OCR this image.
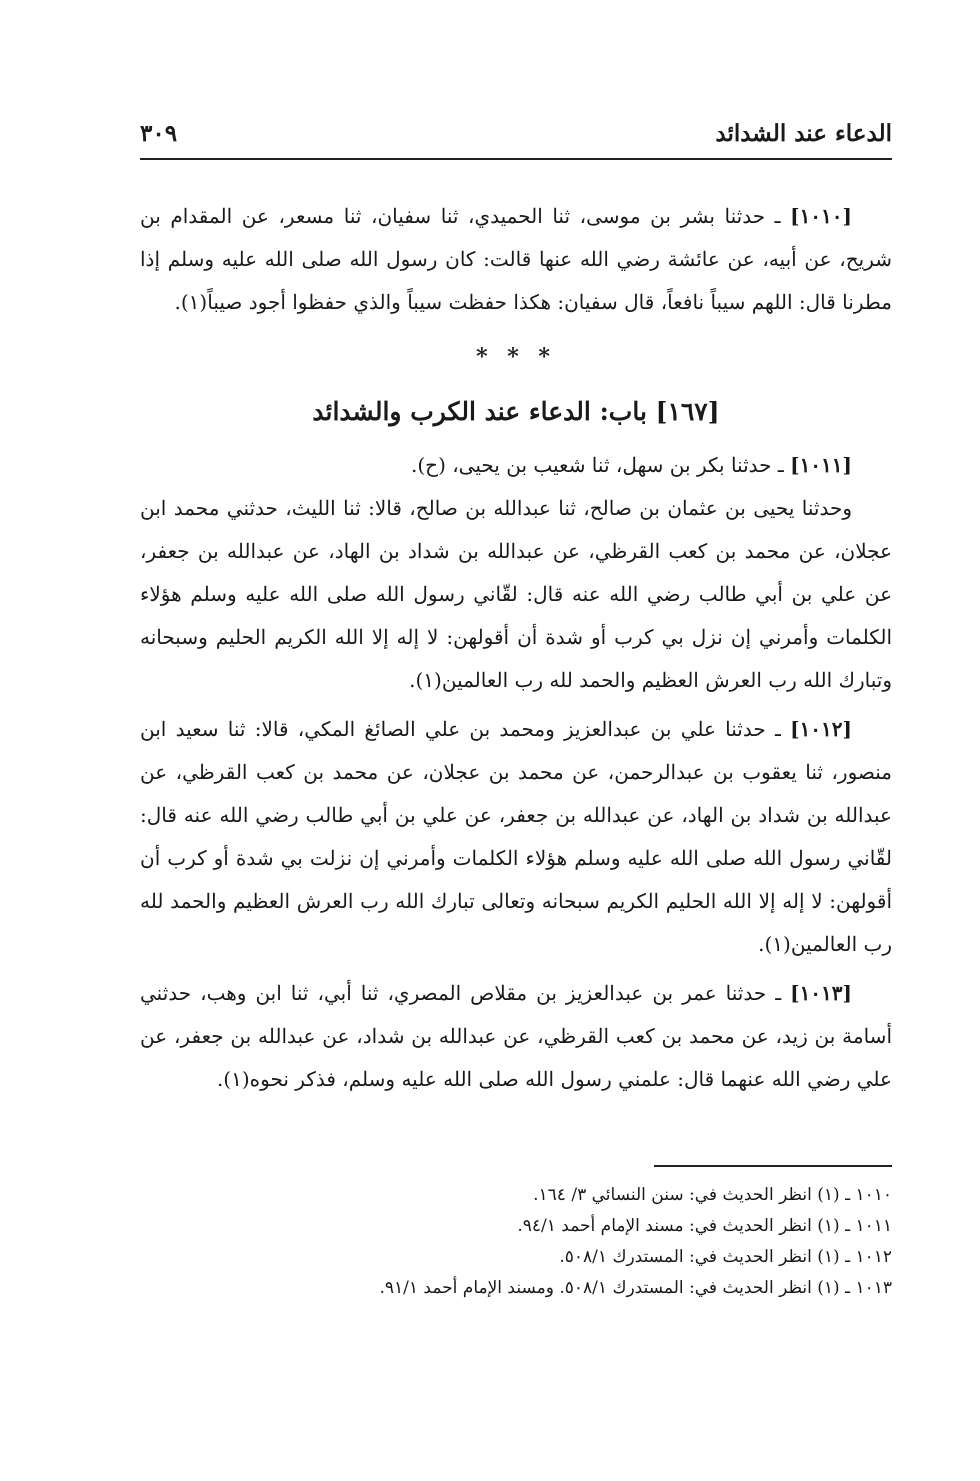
الدعاء عند الشدائد
٣٠٩

[١٠١٠] ـ حدثنا بشر بن موسى، ثنا الحميدي، ثنا سفيان، ثنا مسعر، عن المقدام بن شريح، عن أبيه، عن عائشة رضي الله عنها قالت: كان رسول الله صلى الله عليه وسلم إذا مطرنا قال: اللهم سيباً نافعاً، قال سفيان: هكذا حفظت سيباً والذي حفظوا أجود صيباً(١).

* * *
[١٦٧] باب: الدعاء عند الكرب والشدائد

[١٠١١] ـ حدثنا بكر بن سهل، ثنا شعيب بن يحيى، (ح).

وحدثنا يحيى بن عثمان بن صالح، ثنا عبدالله بن صالح، قالا: ثنا الليث، حدثني محمد ابن عجلان، عن محمد بن كعب القرظي، عن عبدالله بن شداد بن الهاد، عن عبدالله بن جعفر، عن علي بن أبي طالب رضي الله عنه قال: لقّاني رسول الله صلى الله عليه وسلم هؤلاء الكلمات وأمرني إن نزل بي كرب أو شدة أن أقولهن: لا إله إلا الله الكريم الحليم وسبحانه وتبارك الله رب العرش العظيم والحمد لله رب العالمين(١).

[١٠١٢] ـ حدثنا علي بن عبدالعزيز ومحمد بن علي الصائغ المكي، قالا: ثنا سعيد ابن منصور، ثنا يعقوب بن عبدالرحمن، عن محمد بن عجلان، عن محمد بن كعب القرظي، عن عبدالله بن شداد بن الهاد، عن عبدالله بن جعفر، عن علي بن أبي طالب رضي الله عنه قال: لقّاني رسول الله صلى الله عليه وسلم هؤلاء الكلمات وأمرني إن نزلت بي شدة أو كرب أن أقولهن: لا إله إلا الله الحليم الكريم سبحانه وتعالى تبارك الله رب العرش العظيم والحمد لله رب العالمين(١).

[١٠١٣] ـ حدثنا عمر بن عبدالعزيز بن مقلاص المصري، ثنا أبي، ثنا ابن وهب، حدثني أسامة بن زيد، عن محمد بن كعب القرظي، عن عبدالله بن شداد، عن عبدالله بن جعفر، عن علي رضي الله عنهما قال: علمني رسول الله صلى الله عليه وسلم، فذكر نحوه(١).

١٠١٠ ـ (١) انظر الحديث في: سنن النسائي ٣/ ١٦٤.

١٠١١ ـ (١) انظر الحديث في: مسند الإمام أحمد ٩٤/١.

١٠١٢ ـ (١) انظر الحديث في: المستدرك ٥٠٨/١.

١٠١٣ ـ (١) انظر الحديث في: المستدرك ٥٠٨/١. ومسند الإمام أحمد ٩١/١.
